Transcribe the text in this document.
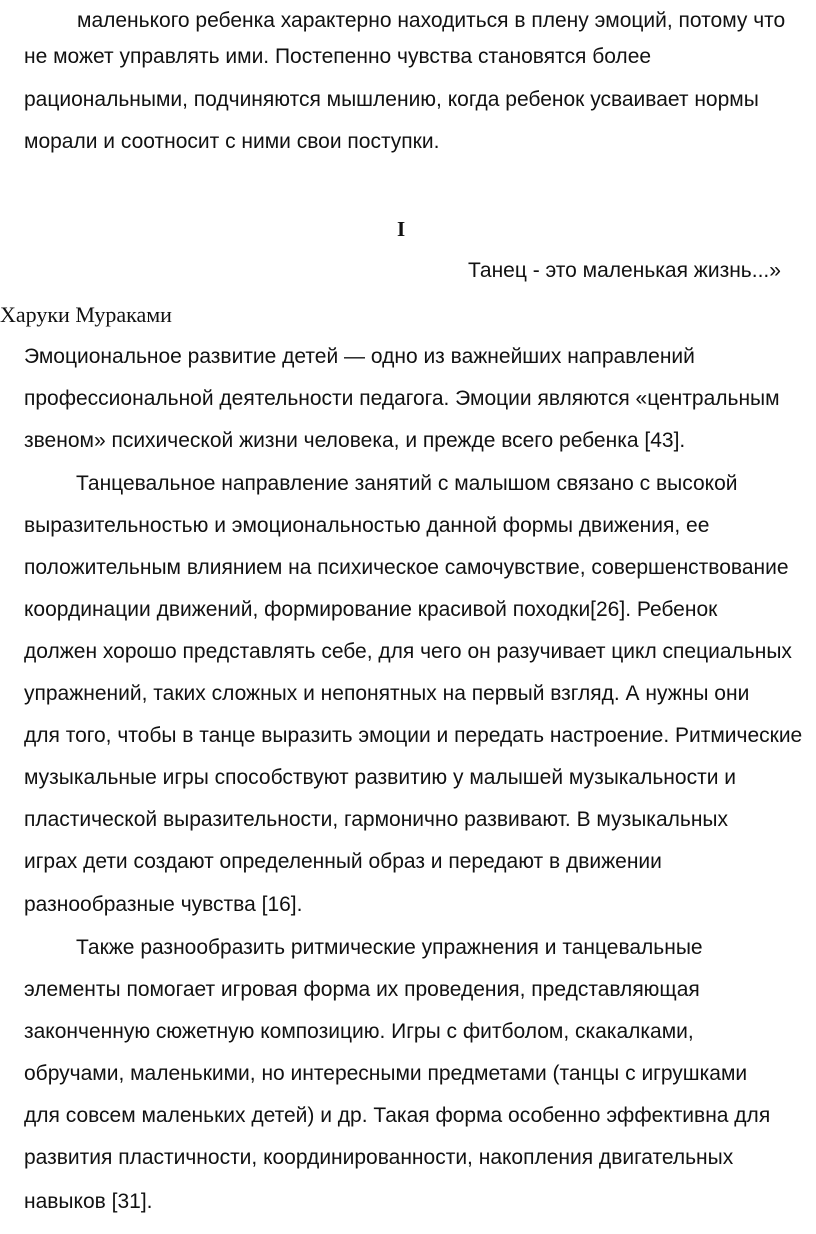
маленького ребенка характерно находиться в плену эмоций, потому что
не может управлять ими. Постепенно чувства становятся более
рациональными, подчиняются мышлению, когда ребенок усваивает нормы
морали и соотносит с ними свои поступки.
I
Танец - это маленькая жизнь...»
Харуки Мураками
Эмоциональное развитие детей — одно из важнейших направлений
профессиональной деятельности педагога. Эмоции являются «центральным
звеном» психической жизни человека, и прежде всего ребенка [43].
Танцевальное направление занятий с малышом связано с высокой
выразительностью и эмоциональностью данной формы движения, ее
положительным влиянием на психическое самочувствие, совершенствование
координации движений, формирование красивой походки[26]. Ребенок
должен хорошо представлять себе, для чего он разучивает цикл специальных
упражнений, таких сложных и непонятных на первый взгляд. А нужны они
для того, чтобы в танце выразить эмоции и передать настроение. Ритмические
музыкальные игры способствуют развитию у малышей музыкальности и
пластической выразительности, гармонично развивают. В музыкальных
играх дети создают определенный образ и передают в движении
разнообразные чувства [16].
Также разнообразить ритмические упражнения и танцевальные
элементы помогает игровая форма их проведения, представляющая
законченную сюжетную композицию. Игры с фитболом, скакалками,
обручами, маленькими, но интересными предметами (танцы с игрушками
для совсем маленьких детей) и др. Такая форма особенно эффективна для
развития пластичности, координированности, накопления двигательных
навыков [31].
